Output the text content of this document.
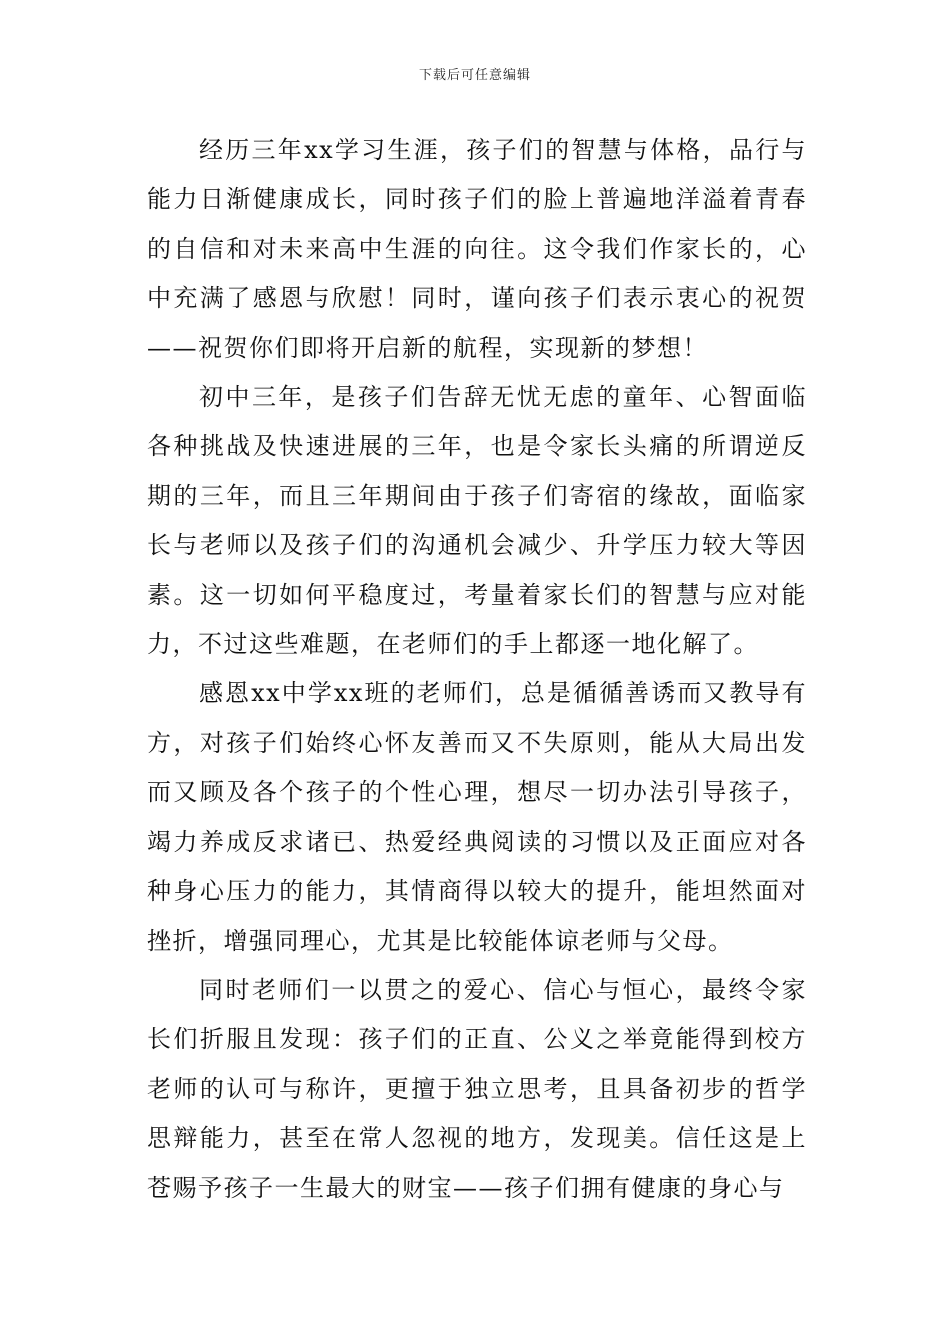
下载后可任意编辑

经历三年xx学习生涯，孩子们的智慧与体格，品行与能力日渐健康成长，同时孩子们的脸上普遍地洋溢着青春的自信和对未来高中生涯的向往。这令我们作家长的，心中充满了感恩与欣慰！同时，谨向孩子们表示衷心的祝贺——祝贺你们即将开启新的航程，实现新的梦想！

初中三年，是孩子们告辞无忧无虑的童年、心智面临各种挑战及快速进展的三年，也是令家长头痛的所谓逆反期的三年，而且三年期间由于孩子们寄宿的缘故，面临家长与老师以及孩子们的沟通机会减少、升学压力较大等因素。这一切如何平稳度过，考量着家长们的智慧与应对能力，不过这些难题，在老师们的手上都逐一地化解了。

感恩xx中学xx班的老师们，总是循循善诱而又教导有方，对孩子们始终心怀友善而又不失原则，能从大局出发而又顾及各个孩子的个性心理，想尽一切办法引导孩子，竭力养成反求诸已、热爱经典阅读的习惯以及正面应对各种身心压力的能力，其情商得以较大的提升，能坦然面对挫折，增强同理心，尤其是比较能体谅老师与父母。

同时老师们一以贯之的爱心、信心与恒心，最终令家长们折服且发现：孩子们的正直、公义之举竟能得到校方老师的认可与称许，更擅于独立思考，且具备初步的哲学思辩能力，甚至在常人忽视的地方，发现美。信任这是上苍赐予孩子一生最大的财宝——孩子们拥有健康的身心与
